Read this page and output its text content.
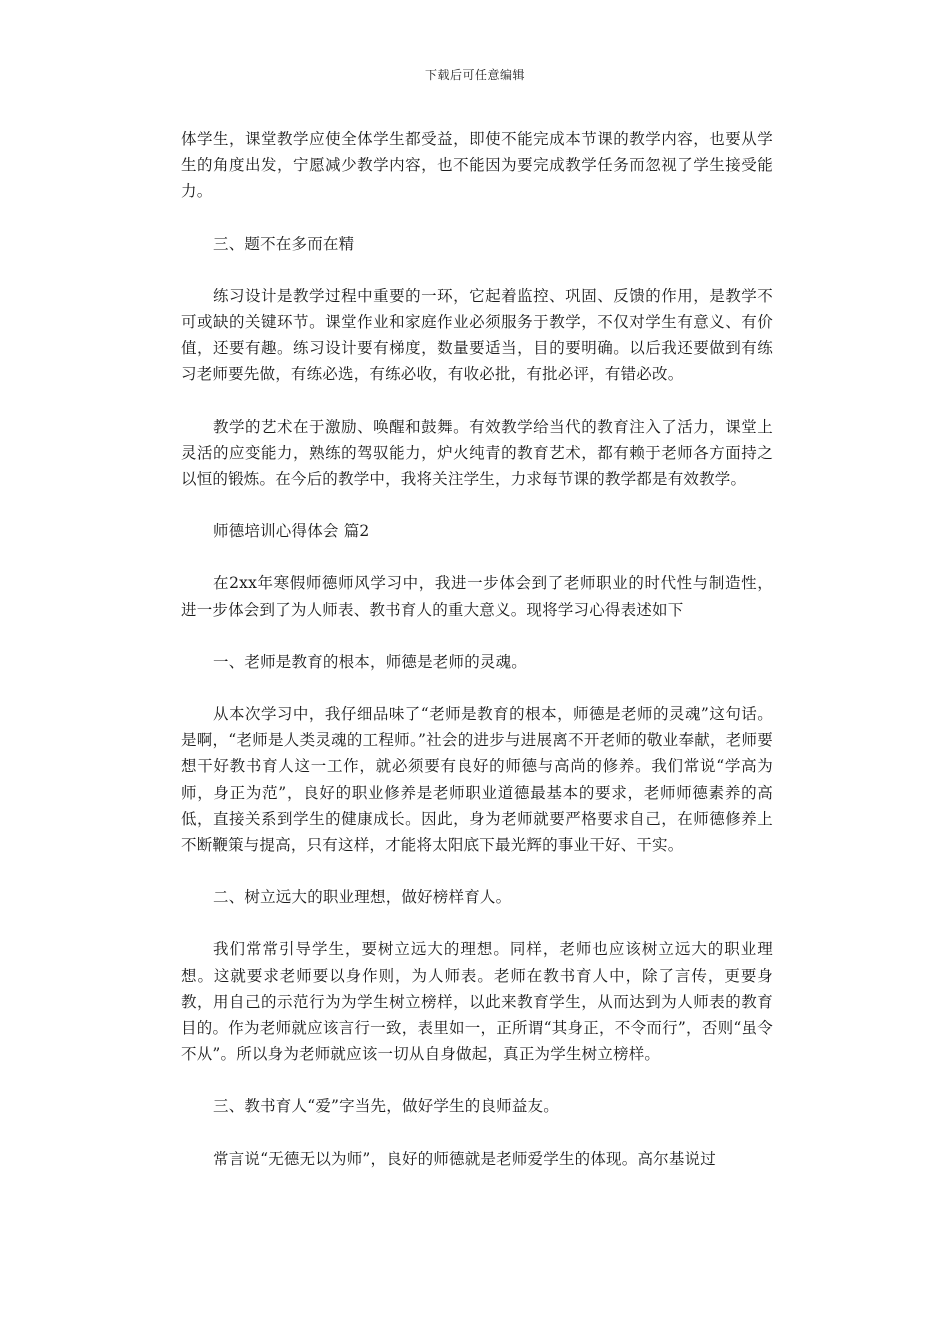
下载后可任意编辑

体学生，课堂教学应使全体学生都受益，即使不能完成本节课的教学内容，也要从学生的角度出发，宁愿减少教学内容，也不能因为要完成教学任务而忽视了学生接受能力。

三、题不在多而在精

练习设计是教学过程中重要的一环，它起着监控、巩固、反馈的作用，是教学不可或缺的关键环节。课堂作业和家庭作业必须服务于教学，不仅对学生有意义、有价值，还要有趣。练习设计要有梯度，数量要适当，目的要明确。以后我还要做到有练习老师要先做，有练必选，有练必收，有收必批，有批必评，有错必改。

教学的艺术在于激励、唤醒和鼓舞。有效教学给当代的教育注入了活力，课堂上灵活的应变能力，熟练的驾驭能力，炉火纯青的教育艺术，都有赖于老师各方面持之以恒的锻炼。在今后的教学中，我将关注学生，力求每节课的教学都是有效教学。

师德培训心得体会 篇2

在2xx年寒假师德师风学习中，我进一步体会到了老师职业的时代性与制造性，进一步体会到了为人师表、教书育人的重大意义。现将学习心得表述如下

一、老师是教育的根本，师德是老师的灵魂。

从本次学习中，我仔细品味了“老师是教育的根本，师德是老师的灵魂”这句话。是啊，“老师是人类灵魂的工程师。”社会的进步与进展离不开老师的敬业奉献，老师要想干好教书育人这一工作，就必须要有良好的师德与高尚的修养。我们常说“学高为师，身正为范”，良好的职业修养是老师职业道德最基本的要求，老师师德素养的高低，直接关系到学生的健康成长。因此，身为老师就要严格要求自己，在师德修养上不断鞭策与提高，只有这样，才能将太阳底下最光辉的事业干好、干实。

二、树立远大的职业理想，做好榜样育人。

我们常常引导学生，要树立远大的理想。同样，老师也应该树立远大的职业理想。这就要求老师要以身作则，为人师表。老师在教书育人中，除了言传，更要身教，用自己的示范行为为学生树立榜样，以此来教育学生，从而达到为人师表的教育目的。作为老师就应该言行一致，表里如一，正所谓“其身正，不令而行”，否则“虽令不从”。所以身为老师就应该一切从自身做起，真正为学生树立榜样。

三、教书育人“爱”字当先，做好学生的良师益友。

常言说“无德无以为师”，良好的师德就是老师爱学生的体现。高尔基说过
